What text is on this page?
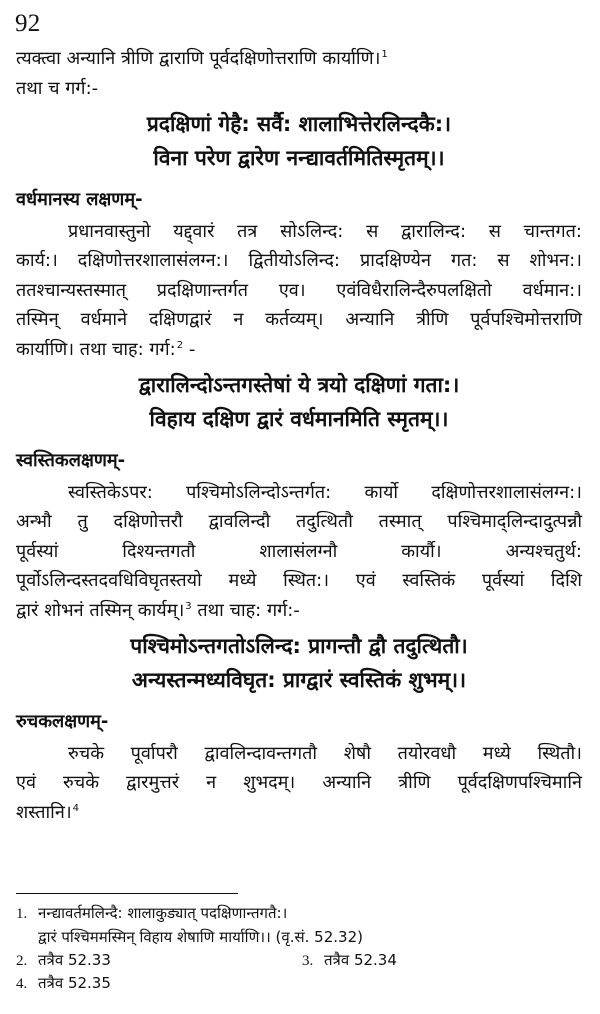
92
त्यक्त्वा अन्यानि त्रीणि द्वाराणि पूर्वदक्षिणोत्तराणि कार्याणि।$^1$
तथा च गर्ग:-
प्रदक्षिणां गेहै: सर्वै: शालाभित्तेरलिन्दकै:।
विना परेण द्वारेण नन्द्यावर्तमितिस्मृतम्।।
वर्धमानस्य लक्षणम्-
प्रधानवास्तुनो यद्द्वारं तत्र सोऽलिन्द: स द्वारालिन्द: स चान्तगत:
कार्य:। दक्षिणोत्तरशालासंलग्न:। द्वितीयोऽलिन्द: प्रादक्षिण्येन गत: स शोभन:।
ततश्चान्यस्तस्मात् प्रदक्षिणान्तर्गत एव। एवंविधैरालिन्दैरुपलक्षितो वर्धमान:।
तस्मिन् वर्धमाने दक्षिणद्वारं न कर्तव्यम्। अन्यानि त्रीणि पूर्वपश्चिमोत्तराणि
कार्याणि। तथा चाह: गर्ग:$^2$ -
द्वारालिन्दोऽन्तगस्तेषां ये त्रयो दक्षिणां गता:।
विहाय दक्षिण द्वारं वर्धमानमिति स्मृतम्।।
स्वस्तिकलक्षणम्-
स्वस्तिकेऽपर: पश्चिमोऽलिन्दोऽन्तर्गत: कार्यो दक्षिणोत्तरशालासंलग्न:।
अन्भौ तु दक्षिणोत्तरौ द्वावलिन्दौ तदुत्थितौ तस्मात् पश्चिमाद्लिन्दादुत्पन्नौ
पूर्वस्यां दिश्यन्तगतौ शालासंलग्नौ कार्यौ। अन्यश्चतुर्थ:
पूर्वोऽलिन्दस्तदवधिविघृतस्तयो मध्ये स्थित:। एवं स्वस्तिकं पूर्वस्यां दिशि
द्वारं शोभनं तस्मिन् कार्यम्।$^3$ तथा चाह: गर्ग:-
पश्चिमोऽन्तगतोऽलिन्द: प्रागन्तौ द्वौ तदुत्थितौ।
अन्यस्तन्मध्यविघृत: प्राग्द्वारं स्वस्तिकं शुभम्।।
रुचकलक्षणम्-
रुचके पूर्वापरौ द्वावलिन्दावन्तगतौ शेषौ तयोरवधौ मध्ये स्थितौ।
एवं रुचके द्वारमुत्तरं न शुभदम्। अन्यानि त्रीणि पूर्वदक्षिणपश्चिमानि
शस्तानि।$^4$
1. नन्द्यावर्तमलिन्दै: शालाकुड्यात् पदक्षिणान्तगतै:।
द्वारं पश्चिममस्मिन् विहाय शेषाणि मार्याणि।। (वृ.सं. 52.32)
2. तत्रैव 52.33	3. तत्रैव 52.34
4. तत्रैव 52.35
